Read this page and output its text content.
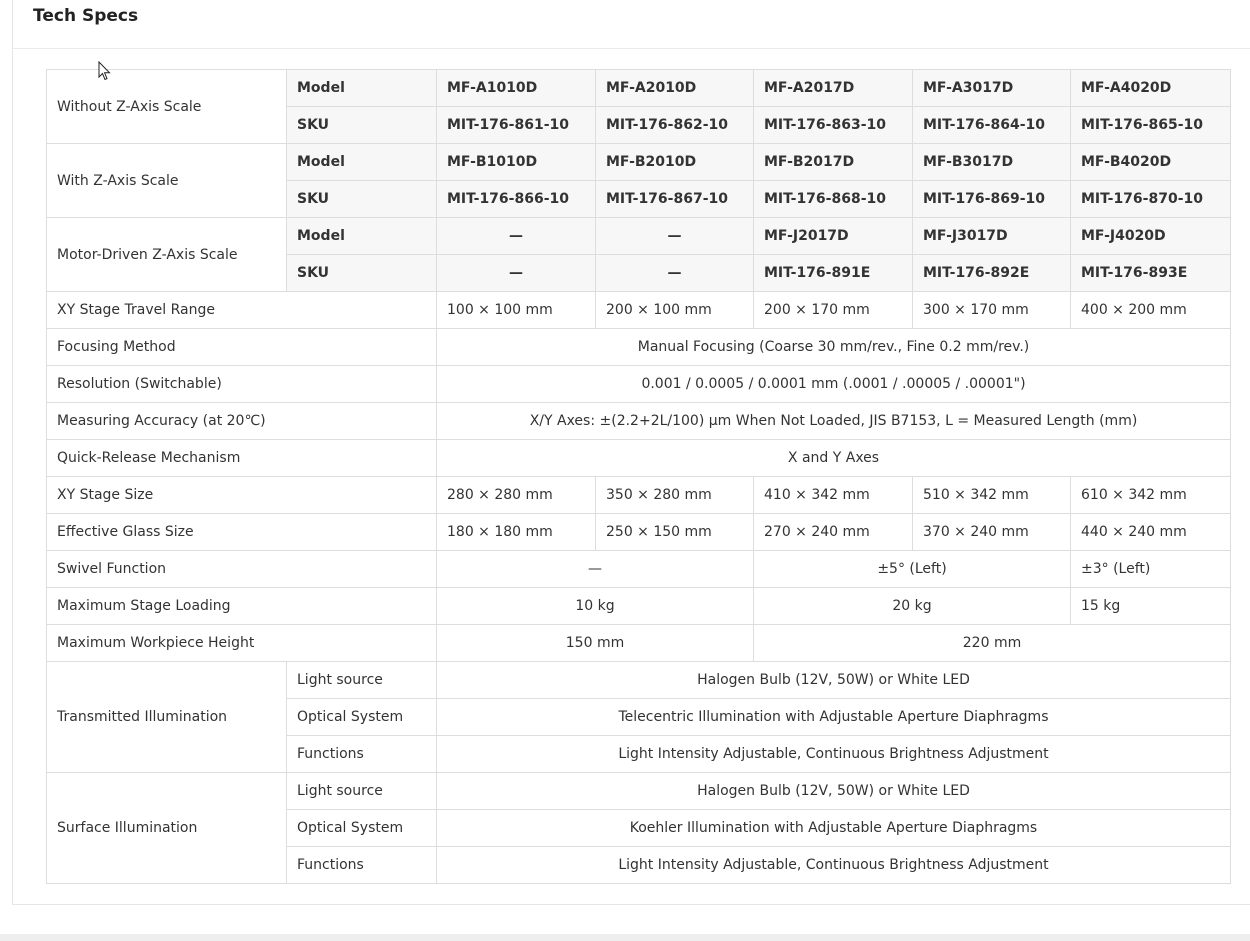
Tech Specs
Without Z-Axis Scale	Model	MF-A1010D	MF-A2010D	MF-A2017D	MF-A3017D	MF-A4020D
	SKU	MIT-176-861-10	MIT-176-862-10	MIT-176-863-10	MIT-176-864-10	MIT-176-865-10
With Z-Axis Scale	Model	MF-B1010D	MF-B2010D	MF-B2017D	MF-B3017D	MF-B4020D
	SKU	MIT-176-866-10	MIT-176-867-10	MIT-176-868-10	MIT-176-869-10	MIT-176-870-10
Motor-Driven Z-Axis Scale	Model	—	—	MF-J2017D	MF-J3017D	MF-J4020D
	SKU	—	—	MIT-176-891E	MIT-176-892E	MIT-176-893E
XY Stage Travel Range		100 × 100 mm	200 × 100 mm	200 × 170 mm	300 × 170 mm	400 × 200 mm
Focusing Method		Manual Focusing (Coarse 30 mm/rev., Fine 0.2 mm/rev.)				
Resolution (Switchable)		0.001 / 0.0005 / 0.0001 mm (.0001 / .00005 / .00001")				
Measuring Accuracy (at 20℃)		X/Y Axes: ±(2.2+2L/100) μm When Not Loaded, JIS B7153, L = Measured Length (mm)				
Quick-Release Mechanism		X and Y Axes				
XY Stage Size		280 × 280 mm	350 × 280 mm	410 × 342 mm	510 × 342 mm	610 × 342 mm
Effective Glass Size		180 × 180 mm	250 × 150 mm	270 × 240 mm	370 × 240 mm	440 × 240 mm
Swivel Function		—		±5° (Left)		±3° (Left)
Maximum Stage Loading		10 kg		20 kg		15 kg
Maximum Workpiece Height		150 mm		220 mm		
Transmitted Illumination	Light source	Halogen Bulb (12V, 50W) or White LED				
	Optical System	Telecentric Illumination with Adjustable Aperture Diaphragms				
	Functions	Light Intensity Adjustable, Continuous Brightness Adjustment				
Surface Illumination	Light source	Halogen Bulb (12V, 50W) or White LED				
	Optical System	Koehler Illumination with Adjustable Aperture Diaphragms				
	Functions	Light Intensity Adjustable, Continuous Brightness Adjustment				
